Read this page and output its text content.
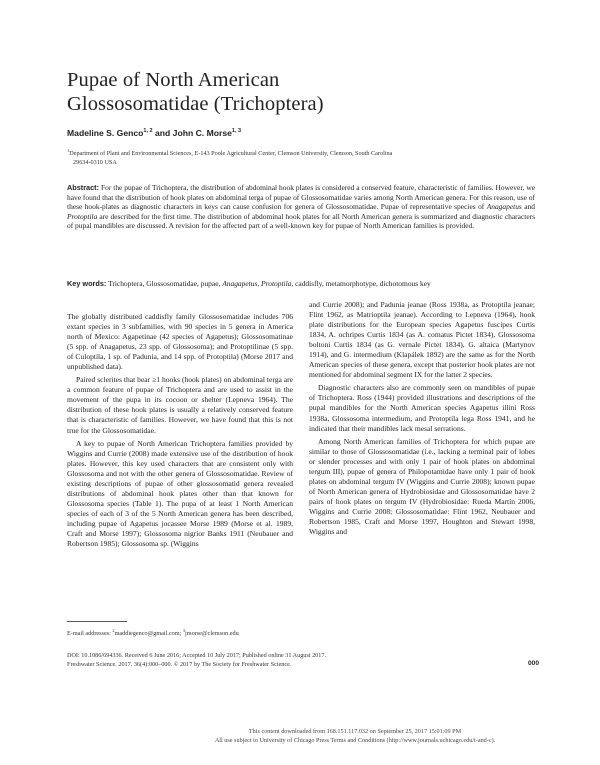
Pupae of North American
Glossosomatidae (Trichoptera)
Madeline S. Genco$^{1, 2}$ and John C. Morse$^{1, 3}$
$^1$Department of Plant and Environmental Sciences, E-143 Poole Agricultural Center, Clemson University, Clemson, South Carolina
29634-0310 USA
Abstract: For the pupae of Trichoptera, the distribution of abdominal hook plates is considered a conserved feature, characteristic of families. However, we have found that the distribution of hook plates on abdominal terga of pupae of Glossosomatidae varies among North American genera. For this reason, use of these hook-plates as diagnostic characters in keys can cause confusion for genera of Glossosomatidae. Pupae of representative species of Anagapetus and Protoptila are described for the first time. The distribution of abdominal hook plates for all North American genera is summarized and diagnostic characters of pupal mandibles are discussed. A revision for the affected part of a well-known key for pupae of North American families is provided.
Key words: Trichoptera, Glossosomatidae, pupae, Anagapetus, Protoptila, caddisfly, metamorphotype, dichotomous key

The globally distributed caddisfly family Glossosomatidae includes 706 extant species in 3 subfamilies, with 90 species in 5 genera in America north of Mexico: Agapetinae (42 species of Agapetus); Glossosomatinae (5 spp. of Anagapetus, 23 spp. of Glossosoma); and Protoptilinae (5 spp. of Culoptila, 1 sp. of Padunia, and 14 spp. of Protoptila) (Morse 2017 and unpublished data).

Paired sclerites that bear ≥1 hooks (hook plates) on abdominal terga are a common feature of pupae of Trichoptera and are used to assist in the movement of the pupa in its cocoon or shelter (Lepneva 1964). The distribution of these hook plates is usually a relatively conserved feature that is characteristic of families. However, we have found that this is not true for the Glossosomatidae.

A key to pupae of North American Trichoptera families provided by Wiggins and Currie (2008) made extensive use of the distribution of hook plates. However, this key used characters that are consistent only with Glossosoma and not with the other genera of Glossosomatidae. Review of existing descriptions of pupae of other glossosomatid genera revealed distributions of abdominal hook plates other than that known for Glossosoma species (Table 1). The pupa of at least 1 North American species of each of 3 of the 5 North American genera has been described, including pupae of Agapetus jocassee Morse 1989 (Morse et al. 1989, Craft and Morse 1997); Glossosoma nigrior Banks 1911 (Neubauer and Robertson 1985); Glossosoma sp. (Wiggins

and Currie 2008); and Padunia jeanae (Ross 1938a, as Protoptila jeanae; Flint 1962, as Matrioptila jeanae). According to Lepneva (1964), hook plate distributions for the European species Agapetus fuscipes Curtis 1834, A. ochripes Curtis 1834 (as A. comatus Pictet 1834), Glossosoma boltoni Curtis 1834 (as G. vernale Pictet 1834), G. altaica (Martynov 1914), and G. intermedium (Klapálek 1892) are the same as for the North American species of these genera, except that posterior hook plates are not mentioned for abdominal segment IX for the latter 2 species.

Diagnostic characters also are commonly seen on mandibles of pupae of Trichoptera. Ross (1944) provided illustrations and descriptions of the pupal mandibles for the North American species Agapetus illini Ross 1938a, Glossosoma intermedium, and Protoptila lega Ross 1941, and he indicated that their mandibles lack mesal serrations.

Among North American families of Trichoptera for which pupae are similar to those of Glossosomatidae (i.e., lacking a terminal pair of lobes or slender processes and with only 1 pair of hook plates on abdominal tergum III), pupae of genera of Philopotamidae have only 1 pair of hook plates on abdominal tergum IV (Wiggins and Currie 2008); known pupae of North American genera of Hydrobiosidae and Glossosomatidae have 2 pairs of hook plates on tergum IV (Hydrobiosidae: Rueda Martín 2006, Wiggins and Currie 2008; Glossosomatidae: Flint 1962, Neubauer and Robertson 1985, Craft and Morse 1997, Houghton and Stewart 1998, Wiggins and

E-mail addresses: $^2$maddiegenco@gmail.com; $^3$jmorse@clemson.edu
DOI: 10.1086/694336. Received 6 June 2016; Accepted 10 July 2017; Published online 31 August 2017.
Freshwater Science. 2017. 36(4):000–000. © 2017 by The Society for Freshwater Science.	000
This content downloaded from 168.151.117.032 on September 25, 2017 15:01:09 PM
All use subject to University of Chicago Press Terms and Conditions (http://www.journals.uchicago.edu/t-and-c).
